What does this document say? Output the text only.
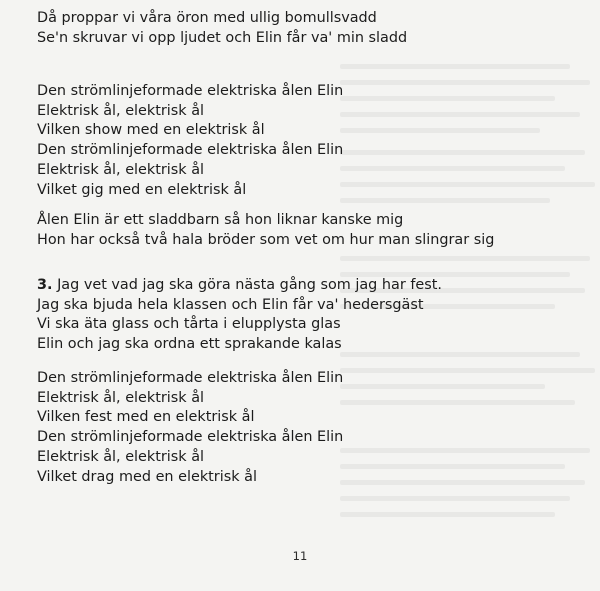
Då proppar vi våra öron med ullig bomullsvadd
Se'n skruvar vi opp ljudet och Elin får va' min sladd
Den strömlinjeformade elektriska ålen Elin
Elektrisk ål, elektrisk ål
Vilken show med en elektrisk ål
Den strömlinjeformade elektriska ålen Elin
Elektrisk ål, elektrisk ål
Vilket gig med en elektrisk ål
Ålen Elin är ett sladdbarn så hon liknar kanske mig
Hon har också två hala bröder som vet om hur man slingrar sig
3. Jag vet vad jag ska göra nästa gång som jag har fest.
Jag ska bjuda hela klassen och Elin får va' hedersgäst
Vi ska äta glass och tårta i elupplysta glas
Elin och jag ska ordna ett sprakande kalas
Den strömlinjeformade elektriska ålen Elin
Elektrisk ål, elektrisk ål
Vilken fest med en elektrisk ål
Den strömlinjeformade elektriska ålen Elin
Elektrisk ål, elektrisk ål
Vilket drag med en elektrisk ål
11
